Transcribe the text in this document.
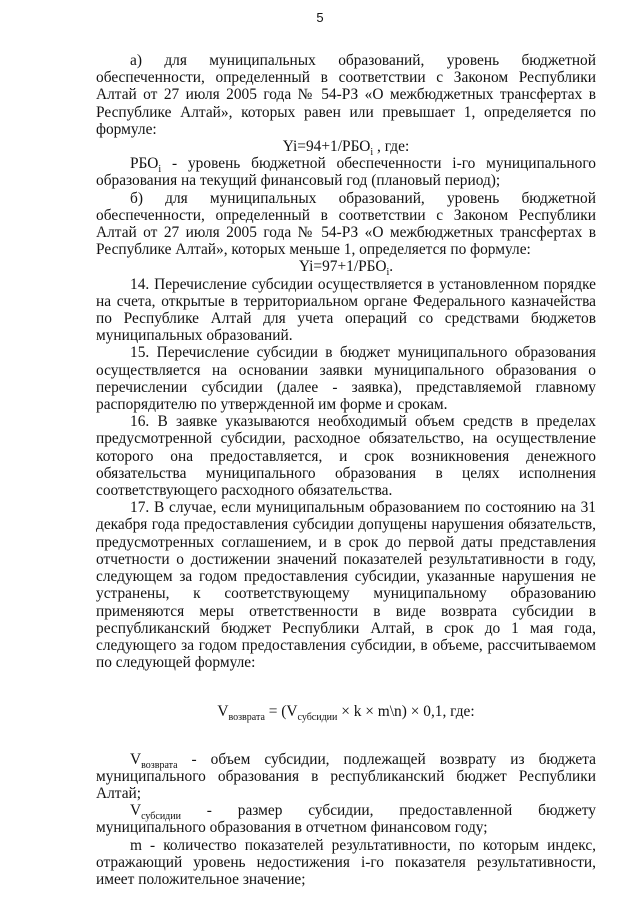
5

а) для муниципальных образований, уровень бюджетной обеспеченности, определенный в соответствии с Законом Республики Алтай от 27 июля 2005 года № 54-РЗ «О межбюджетных трансфертах в Республике Алтай», которых равен или превышает 1, определяется по формуле:

$Yi=94+1/РБО_i$ , где:

$РБО_i$ - уровень бюджетной обеспеченности i-го муниципального образования на текущий финансовый год (плановый период);

б) для муниципальных образований, уровень бюджетной обеспеченности, определенный в соответствии с Законом Республики Алтай от 27 июля 2005 года № 54-РЗ «О межбюджетных трансфертах в Республике Алтай», которых меньше 1, определяется по формуле:

$Yi=97+1/РБО_i$.

14. Перечисление субсидии осуществляется в установленном порядке на счета, открытые в территориальном органе Федерального казначейства по Республике Алтай для учета операций со средствами бюджетов муниципальных образований.

15. Перечисление субсидии в бюджет муниципального образования осуществляется на основании заявки муниципального образования о перечислении субсидии (далее - заявка), представляемой главному распорядителю по утвержденной им форме и срокам.

16. В заявке указываются необходимый объем средств в пределах предусмотренной субсидии, расходное обязательство, на осуществление которого она предоставляется, и срок возникновения денежного обязательства муниципального образования в целях исполнения соответствующего расходного обязательства.

17. В случае, если муниципальным образованием по состоянию на 31 декабря года предоставления субсидии допущены нарушения обязательств, предусмотренных соглашением, и в срок до первой даты представления отчетности о достижении значений показателей результативности в году, следующем за годом предоставления субсидии, указанные нарушения не устранены, к соответствующему муниципальному образованию применяются меры ответственности в виде возврата субсидии в республиканский бюджет Республики Алтай, в срок до 1 мая года, следующего за годом предоставления субсидии, в объеме, рассчитываемом по следующей формуле:

$V_{возврата} = (V_{субсидии} \times k$ × m\n) × 0,1, где:

$V_{возврата}$ - объем субсидии, подлежащей возврату из бюджета муниципального образования в республиканский бюджет Республики Алтай;

$V_{субсидии}$ - размер субсидии, предоставленной бюджету муниципального образования в отчетном финансовом году;

m - количество показателей результативности, по которым индекс, отражающий уровень недостижения i-го показателя результативности, имеет положительное значение;
